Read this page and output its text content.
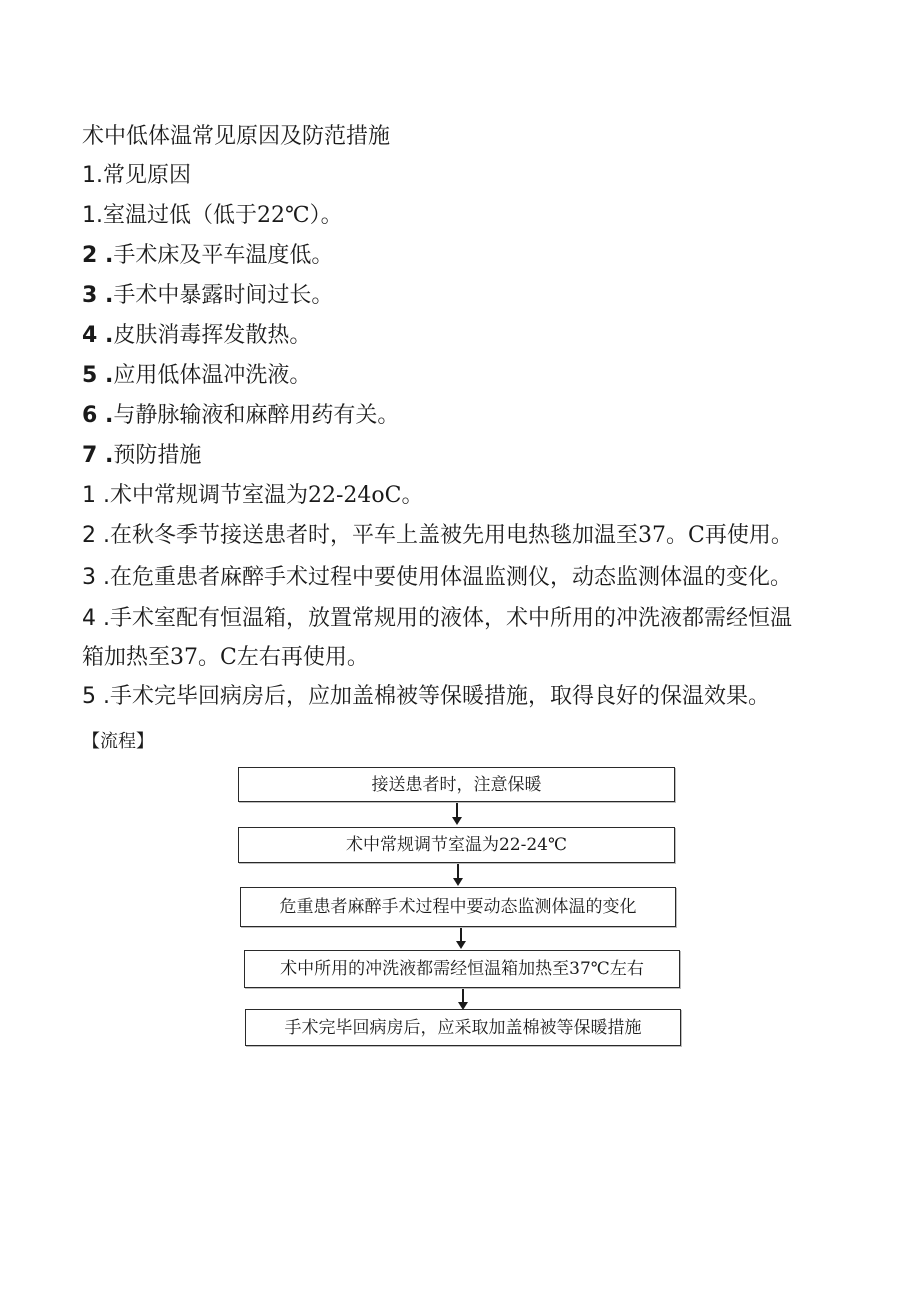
术中低体温常见原因及防范措施
1.常见原因
1.室温过低（低于22℃）。
2 .手术床及平车温度低。
3 .手术中暴露时间过长。
4 .皮肤消毒挥发散热。
5 .应用低体温冲洗液。
6 .与静脉输液和麻醉用药有关。
7 .预防措施
1 .术中常规调节室温为22-24oC。
2 .在秋冬季节接送患者时，平车上盖被先用电热毯加温至37。C再使用。
3 .在危重患者麻醉手术过程中要使用体温监测仪，动态监测体温的变化。
4 .手术室配有恒温箱，放置常规用的液体，术中所用的冲洗液都需经恒温
箱加热至37。C左右再使用。
5 .手术完毕回病房后，应加盖棉被等保暖措施，取得良好的保温效果。
【流程】
接送患者时，注意保暖
术中常规调节室温为22-24℃
危重患者麻醉手术过程中要动态监测体温的变化
术中所用的冲洗液都需经恒温箱加热至37℃左右
手术完毕回病房后，应采取加盖棉被等保暖措施
